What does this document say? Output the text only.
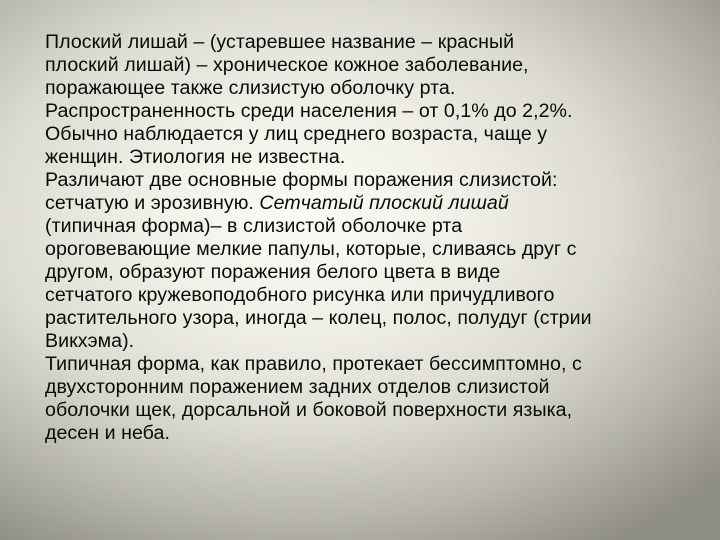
Плоский лишай – (устаревшее название – красный
плоский лишай) – хроническое кожное заболевание,
поражающее также слизистую оболочку рта.
Распространенность среди населения – от 0,1% до 2,2%.
Обычно наблюдается у лиц среднего возраста, чаще у
женщин. Этиология не известна.
Различают две основные формы поражения слизистой:
сетчатую и эрозивную. Сетчатый плоский лишай
(типичная форма)– в слизистой оболочке рта
ороговевающие мелкие папулы, которые, сливаясь друг с
другом, образуют поражения белого цвета в виде
сетчатого кружевоподобного рисунка или причудливого
растительного узора, иногда – колец, полос, полудуг (стрии
Викхэма).
Типичная форма, как правило, протекает бессимптомно, с
двухсторонним поражением задних отделов слизистой
оболочки щек, дорсальной и боковой поверхности языка,
десен и неба.
